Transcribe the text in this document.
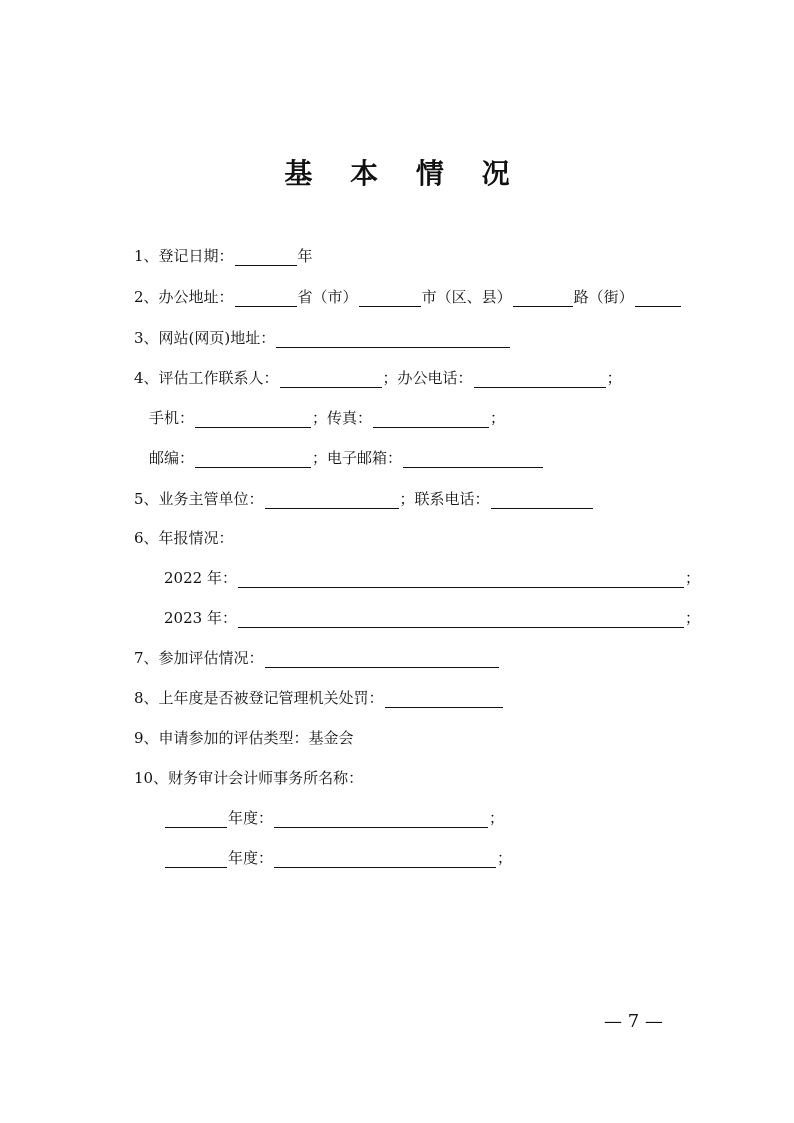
基 本 情 况
1、登记日期：	年
2、办公地址：	省（市）	市（区、县）	路（街）
3、网站(网页)地址：
4、评估工作联系人：	；办公电话：	；
手机：	；传真：	；
邮编：	；电子邮箱：
5、业务主管单位：	；联系电话：
6、年报情况：
2022 年：	；
2023 年：	；
7、参加评估情况：
8、上年度是否被登记管理机关处罚：
9、申请参加的评估类型： 基金会
10、财务审计会计师事务所名称：
年度：	；
年度：	；
— 7 —
